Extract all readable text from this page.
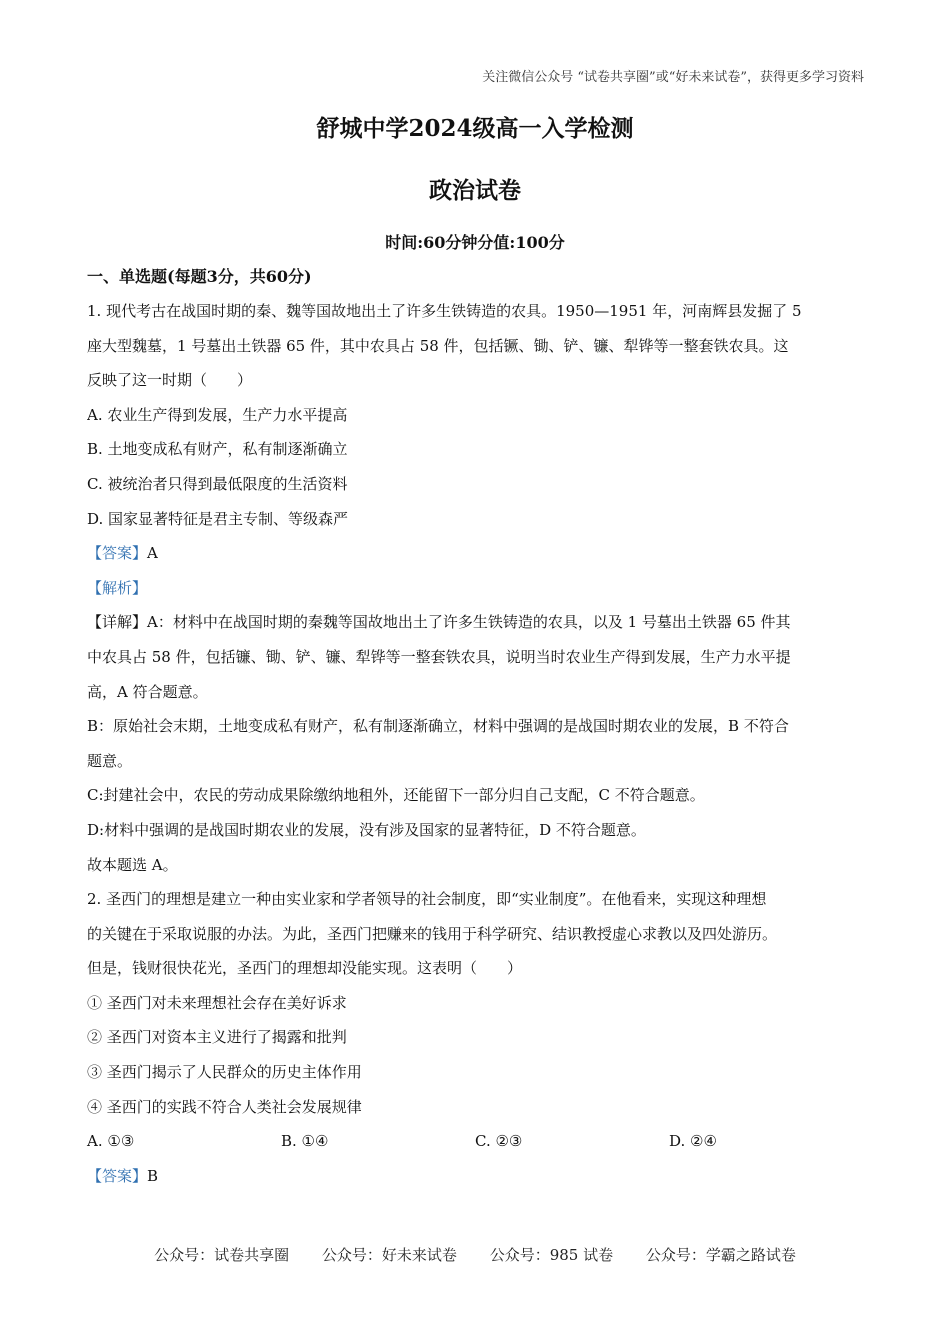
关注微信公众号 “试卷共享圈”或“好未来试卷”，获得更多学习资料
舒城中学2024级高一入学检测
政治试卷
时间:60分钟分值:100分
一、单选题(每题3分，共60分)
1. 现代考古在战国时期的秦、魏等国故地出土了许多生铁铸造的农具。1950—1951 年，河南辉县发掘了 5
座大型魏墓，1 号墓出土铁器 65 件，其中农具占 58 件，包括镢、锄、铲、镰、犁铧等一整套铁农具。这
反映了这一时期（　　）
A. 农业生产得到发展，生产力水平提高
B. 土地变成私有财产，私有制逐渐确立
C. 被统治者只得到最低限度的生活资料
D. 国家显著特征是君主专制、等级森严
【答案】A
【解析】
【详解】A：材料中在战国时期的秦魏等国故地出土了许多生铁铸造的农具，以及 1 号墓出土铁器 65 件其
中农具占 58 件，包括镰、锄、铲、镰、犁铧等一整套铁农具，说明当时农业生产得到发展，生产力水平提
高，A 符合题意。
B：原始社会末期，土地变成私有财产，私有制逐渐确立，材料中强调的是战国时期农业的发展，B 不符合
题意。
C:封建社会中，农民的劳动成果除缴纳地租外，还能留下一部分归自己支配，C 不符合题意。
D:材料中强调的是战国时期农业的发展，没有涉及国家的显著特征，D 不符合题意。
故本题选 A。
2. 圣西门的理想是建立一种由实业家和学者领导的社会制度，即“实业制度”。在他看来，实现这种理想
的关键在于采取说服的办法。为此，圣西门把赚来的钱用于科学研究、结识教授虚心求教以及四处游历。
但是，钱财很快花光，圣西门的理想却没能实现。这表明（　　）
① 圣西门对未来理想社会存在美好诉求
② 圣西门对资本主义进行了揭露和批判
③ 圣西门揭示了人民群众的历史主体作用
④ 圣西门的实践不符合人类社会发展规律
A. ①③	B. ①④	C. ②③	D. ②④
【答案】B
公众号：试卷共享圈 公众号：好未来试卷 公众号：985 试卷 公众号：学霸之路试卷
